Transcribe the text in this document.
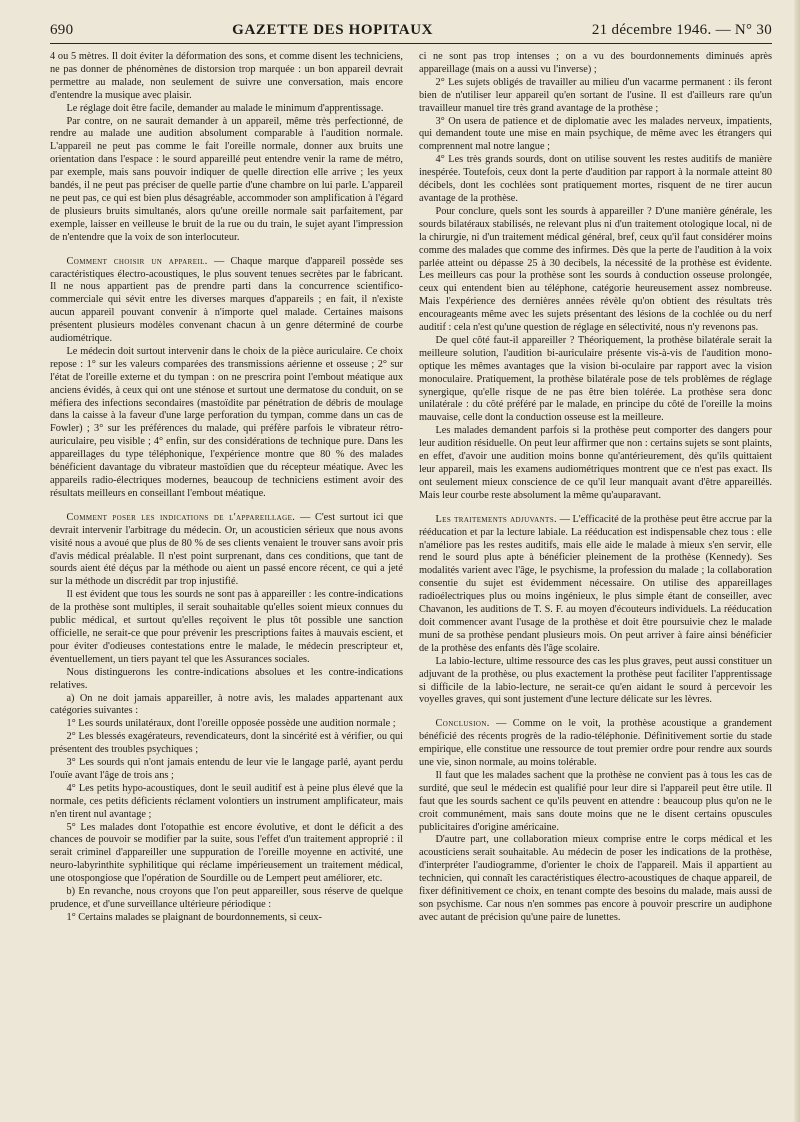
690	GAZETTE DES HOPITAUX	21 décembre 1946. — N° 30

4 ou 5 mètres. Il doit éviter la déformation des sons, et comme disent les techniciens, ne pas donner de phénomènes de distorsion trop marquée : un bon appareil devrait permettre au malade, non seulement de suivre une conversation, mais encore d'entendre la musique avec plaisir.

Le réglage doit être facile, demander au malade le minimum d'apprentissage.

Par contre, on ne saurait demander à un appareil, même très perfectionné, de rendre au malade une audition absolument comparable à l'audition normale. L'appareil ne peut pas comme le fait l'oreille normale, donner aux bruits une orientation dans l'espace : le sourd appareillé peut entendre venir la rame de métro, par exemple, mais sans pouvoir indiquer de quelle direction elle arrive ; les yeux bandés, il ne peut pas préciser de quelle partie d'une chambre on lui parle. L'appareil ne peut pas, ce qui est bien plus désagréable, accommoder son amplification à l'égard de plusieurs bruits simultanés, alors qu'une oreille normale sait parfaitement, par exemple, laisser en veilleuse le bruit de la rue ou du train, le sujet ayant l'impression de n'entendre que la voix de son interlocuteur.

Comment choisir un appareil. — Chaque marque d'appareil possède ses caractéristiques électro-acoustiques, le plus souvent tenues secrètes par le fabricant. Il ne nous appartient pas de prendre parti dans la concurrence scientifico-commerciale qui sévit entre les diverses marques d'appareils ; en fait, il n'existe aucun appareil pouvant convenir à n'importe quel malade. Certaines maisons présentent plusieurs modèles convenant chacun à un genre déterminé de courbe audiométrique.

Le médecin doit surtout intervenir dans le choix de la pièce auriculaire. Ce choix repose : 1° sur les valeurs comparées des transmissions aérienne et osseuse ; 2° sur l'état de l'oreille externe et du tympan : on ne prescrira point l'embout méatique aux anciens évidés, à ceux qui ont une sténose et surtout une dermatose du conduit, on se méfiera des infections secondaires (mastoïdite par pénétration de débris de moulage dans la caisse à la faveur d'une large perforation du tympan, comme dans un cas de Fowler) ; 3° sur les préférences du malade, qui préfère parfois le vibrateur rétro-auriculaire, peu visible ; 4° enfin, sur des considérations de technique pure. Dans les appareillages du type téléphonique, l'expérience montre que 80 % des malades bénéficient davantage du vibrateur mastoïdien que du récepteur méatique. Avec les appareils radio-électriques modernes, beaucoup de techniciens estiment avoir des résultats meilleurs en conseillant l'embout méatique.

Comment poser les indications de l'appareillage. — C'est surtout ici que devrait intervenir l'arbitrage du médecin. Or, un acousticien sérieux que nous avons visité nous a avoué que plus de 80 % de ses clients venaient le trouver sans avoir pris d'avis médical préalable. Il n'est point surprenant, dans ces conditions, que tant de sourds aient été déçus par la méthode ou aient un passé encore récent, ce qui a jeté sur la méthode un discrédit par trop injustifié.

Il est évident que tous les sourds ne sont pas à appareiller : les contre-indications de la prothèse sont multiples, il serait souhaitable qu'elles soient mieux connues du public médical, et surtout qu'elles reçoivent le plus tôt possible une sanction officielle, ne serait-ce que pour prévenir les prescriptions faites à mauvais escient, et pour éviter d'odieuses contestations entre le malade, le médecin prescripteur et, éventuellement, un tiers payant tel que les Assurances sociales.

Nous distinguerons les contre-indications absolues et les contre-indications relatives.

a) On ne doit jamais appareiller, à notre avis, les malades appartenant aux catégories suivantes :

1° Les sourds unilatéraux, dont l'oreille opposée possède une audition normale ;

2° Les blessés exagérateurs, revendicateurs, dont la sincérité est à vérifier, ou qui présentent des troubles psychiques ;

3° Les sourds qui n'ont jamais entendu de leur vie le langage parlé, ayant perdu l'ouïe avant l'âge de trois ans ;

4° Les petits hypo-acoustiques, dont le seuil auditif est à peine plus élevé que la normale, ces petits déficients réclament volontiers un instrument amplificateur, mais n'en tirent nul avantage ;

5° Les malades dont l'otopathie est encore évolutive, et dont le déficit a des chances de pouvoir se modifier par la suite, sous l'effet d'un traitement approprié : il serait criminel d'appareiller une suppuration de l'oreille moyenne en activité, une neuro-labyrinthite syphilitique qui réclame impérieusement un traitement médical, une otospongiose que l'opération de Sourdille ou de Lempert peut améliorer, etc.

b) En revanche, nous croyons que l'on peut appareiller, sous réserve de quelque prudence, et d'une surveillance ultérieure périodique :

1° Certains malades se plaignant de bourdonnements, si ceux-

ci ne sont pas trop intenses ; on a vu des bourdonnements diminués après appareillage (mais on a aussi vu l'inverse) ;

2° Les sujets obligés de travailler au milieu d'un vacarme permanent : ils feront bien de n'utiliser leur appareil qu'en sortant de l'usine. Il est d'ailleurs rare qu'un travailleur manuel tire très grand avantage de la prothèse ;

3° On usera de patience et de diplomatie avec les malades nerveux, impatients, qui demandent toute une mise en main psychique, de même avec les étrangers qui comprennent mal notre langue ;

4° Les très grands sourds, dont on utilise souvent les restes auditifs de manière inespérée. Toutefois, ceux dont la perte d'audition par rapport à la normale atteint 80 décibels, dont les cochlées sont pratiquement mortes, risquent de ne tirer aucun avantage de la prothèse.

Pour conclure, quels sont les sourds à appareiller ? D'une manière générale, les sourds bilatéraux stabilisés, ne relevant plus ni d'un traitement otologique local, ni de la chirurgie, ni d'un traitement médical général, bref, ceux qu'il faut considérer moins comme des malades que comme des infirmes. Dès que la perte de l'audition à la voix parlée atteint ou dépasse 25 à 30 decibels, la nécessité de la prothèse est évidente. Les meilleurs cas pour la prothèse sont les sourds à conduction osseuse prolongée, ceux qui entendent bien au téléphone, catégorie heureusement assez nombreuse. Mais l'expérience des dernières années révèle qu'on obtient des résultats très encourageants même avec les sujets présentant des lésions de la cochlée ou du nerf auditif : cela n'est qu'une question de réglage en sélectivité, nous n'y revenons pas.

De quel côté faut-il appareiller ? Théoriquement, la prothèse bilatérale serait la meilleure solution, l'audition bi-auriculaire présente vis-à-vis de l'audition mono-optique les mêmes avantages que la vision bi-oculaire par rapport avec la vision monoculaire. Pratiquement, la prothèse bilatérale pose de tels problèmes de réglage synergique, qu'elle risque de ne pas être bien tolérée. La prothèse sera donc unilatérale : du côté préféré par le malade, en principe du côté de l'oreille la moins mauvaise, celle dont la conduction osseuse est la meilleure.

Les malades demandent parfois si la prothèse peut comporter des dangers pour leur audition résiduelle. On peut leur affirmer que non : certains sujets se sont plaints, en effet, d'avoir une audition moins bonne qu'antérieurement, dès qu'ils quittaient leur appareil, mais les examens audiométriques montrent que ce n'est pas exact. Ils ont seulement mieux conscience de ce qu'il leur manquait avant d'être appareillés. Mais leur courbe reste absolument la même qu'auparavant.

Les traitements adjuvants. — L'efficacité de la prothèse peut être accrue par la rééducation et par la lecture labiale. La rééducation est indispensable chez tous : elle n'améliore pas les restes auditifs, mais elle aide le malade à mieux s'en servir, elle rend le sourd plus apte à bénéficier pleinement de la prothèse (Kennedy). Ses modalités varient avec l'âge, le psychisme, la profession du malade ; la collaboration consentie du sujet est évidemment nécessaire. On utilise des appareillages radioélectriques plus ou moins ingénieux, le plus simple étant de conseiller, avec Chavanon, les auditions de T. S. F. au moyen d'écouteurs individuels. La rééducation doit commencer avant l'usage de la prothèse et doit être poursuivie chez le malade muni de sa prothèse pendant plusieurs mois. On peut arriver à faire ainsi bénéficier de la prothèse des enfants dès l'âge scolaire.

La labio-lecture, ultime ressource des cas les plus graves, peut aussi constituer un adjuvant de la prothèse, ou plus exactement la prothèse peut faciliter l'apprentissage si difficile de la labio-lecture, ne serait-ce qu'en aidant le sourd à percevoir les voyelles graves, qui sont justement d'une lecture délicate sur les lèvres.

Conclusion. — Comme on le voit, la prothèse acoustique a grandement bénéficié des récents progrès de la radio-téléphonie. Définitivement sortie du stade empirique, elle constitue une ressource de tout premier ordre pour rendre aux sourds une vie, sinon normale, au moins tolérable.

Il faut que les malades sachent que la prothèse ne convient pas à tous les cas de surdité, que seul le médecin est qualifié pour leur dire si l'appareil peut être utile. Il faut que les sourds sachent ce qu'ils peuvent en attendre : beaucoup plus qu'on ne le croit communément, mais sans doute moins que ne le disent certains opuscules publicitaires d'origine américaine.

D'autre part, une collaboration mieux comprise entre le corps médical et les acousticiens serait souhaitable. Au médecin de poser les indications de la prothèse, d'interpréter l'audiogramme, d'orienter le choix de l'appareil. Mais il appartient au technicien, qui connaît les caractéristiques électro-acoustiques de chaque appareil, de fixer définitivement ce choix, en tenant compte des besoins du malade, mais aussi de son psychisme. Car nous n'en sommes pas encore à pouvoir prescrire un audiphone avec autant de précision qu'une paire de lunettes.
